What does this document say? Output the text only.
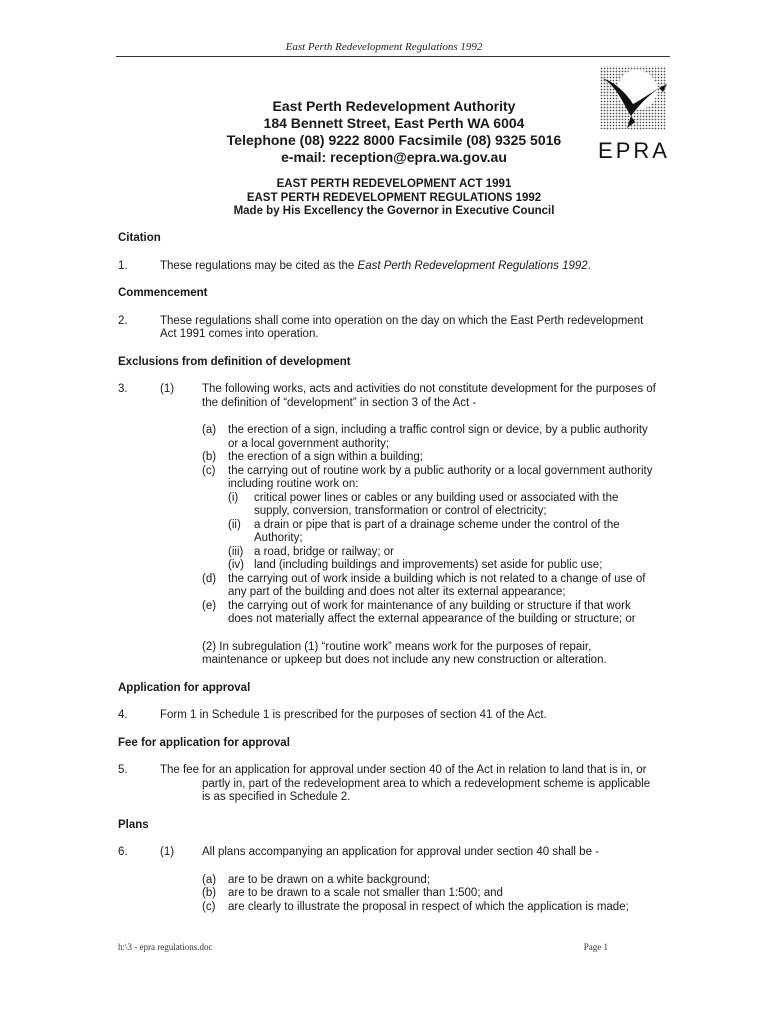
East Perth Redevelopment Regulations 1992
EPRA
East Perth Redevelopment Authority
184 Bennett Street, East Perth WA 6004
Telephone (08) 9222 8000 Facsimile (08) 9325 5016
e-mail: reception@epra.wa.gov.au
EAST PERTH REDEVELOPMENT ACT 1991
EAST PERTH REDEVELOPMENT REGULATIONS 1992
Made by His Excellency the Governor in Executive Council

Citation

1.	These regulations may be cited as the East Perth Redevelopment Regulations 1992.

Commencement

2.	These regulations shall come into operation on the day on which the East Perth redevelopment
Act 1991 comes into operation.

Exclusions from definition of development

3.	(1) The following works, acts and activities do not constitute development for the purposes of
the definition of “development” in section 3 of the Act -
(a) the erection of a sign, including a traffic control sign or device, by a public authority
or a local government authority;
(b) the erection of a sign within a building;
(c) the carrying out of routine work by a public authority or a local government authority
including routine work on:
(i) critical power lines or cables or any building used or associated with the
supply, conversion, transformation or control of electricity;
(ii) a drain or pipe that is part of a drainage scheme under the control of the
Authority;
(iii) a road, bridge or railway; or
(iv) land (including buildings and improvements) set aside for public use;
(d) the carrying out of work inside a building which is not related to a change of use of
any part of the building and does not alter its external appearance;
(e) the carrying out of work for maintenance of any building or structure if that work
does not materially affect the external appearance of the building or structure; or
(2) In subregulation (1) “routine work” means work for the purposes of repair,
maintenance or upkeep but does not include any new construction or alteration.

Application for approval

4.	Form 1 in Schedule 1 is prescribed for the purposes of section 41 of the Act.

Fee for application for approval

5.	The fee for an application for approval under section 40 of the Act in relation to land that is in, or
partly in, part of the redevelopment area to which a redevelopment scheme is applicable
is as specified in Schedule 2.

Plans

6.	(1) All plans accompanying an application for approval under section 40 shall be -
(a) are to be drawn on a white background;
(b) are to be drawn to a scale not smaller than 1:500; and
(c) are clearly to illustrate the proposal in respect of which the application is made;
h:\3 - epra regulations.doc	Page 1
